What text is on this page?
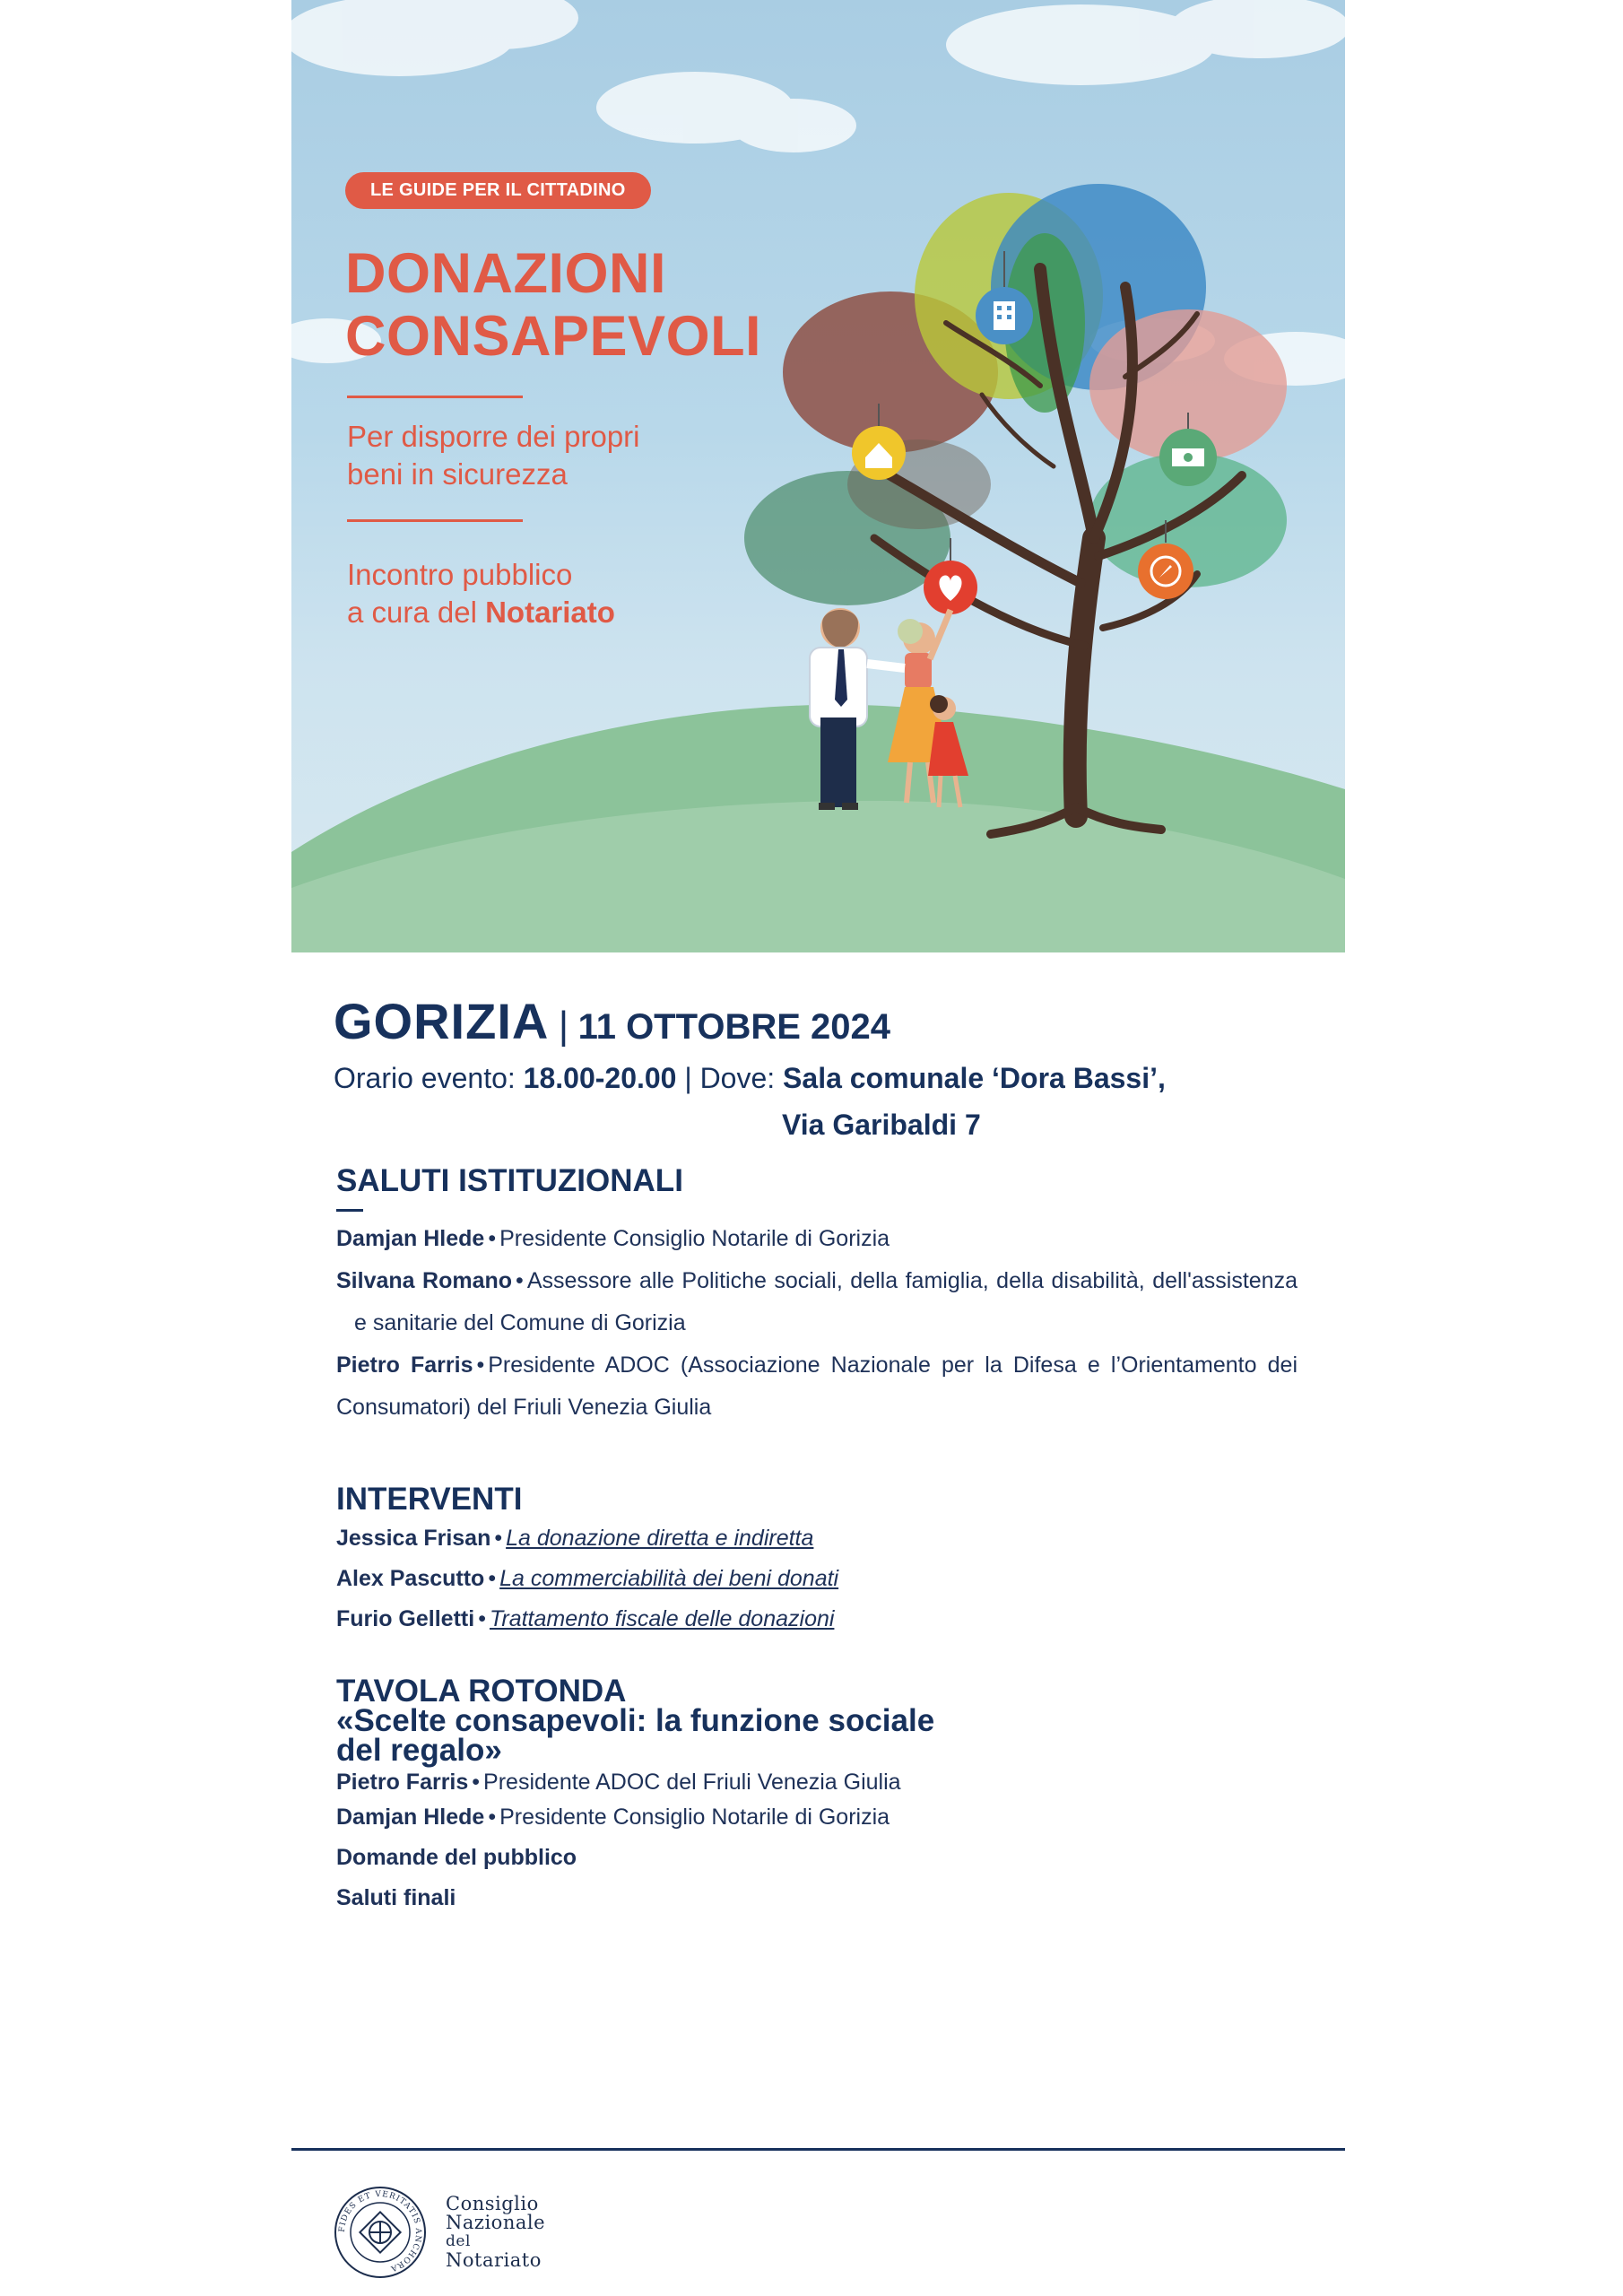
LE GUIDE PER IL CITTADINO
DONAZIONI
CONSAPEVOLI
Per disporre dei propri
beni in sicurezza
Incontro pubblico
a cura del Notariato
GORIZIA | 11 OTTOBRE 2024
Orario evento: 18.00-20.00 | Dove: Sala comunale ‘Dora Bassi’,
Via Garibaldi 7
SALUTI ISTITUZIONALI
Damjan Hlede • Presidente Consiglio Notarile di Gorizia
Silvana Romano • Assessore alle Politiche sociali, della famiglia, della disabilità, dell'assistenza
e sanitarie del Comune di Gorizia
Pietro Farris • Presidente ADOC (Associazione Nazionale per la Difesa e l’Orientamento dei
Consumatori) del Friuli Venezia Giulia
INTERVENTI
Jessica Frisan • La donazione diretta e indiretta
Alex Pascutto • La commerciabilità dei beni donati
Furio Gelletti • Trattamento fiscale delle donazioni
TAVOLA ROTONDA
«Scelte consapevoli: la funzione sociale
del regalo»
Pietro Farris • Presidente ADOC del Friuli Venezia Giulia
Damjan Hlede • Presidente Consiglio Notarile di Gorizia
Domande del pubblico
Saluti finali
FIDES ET VERITATIS ANCHORA
Consiglio
Nazionale
del
Notariato
